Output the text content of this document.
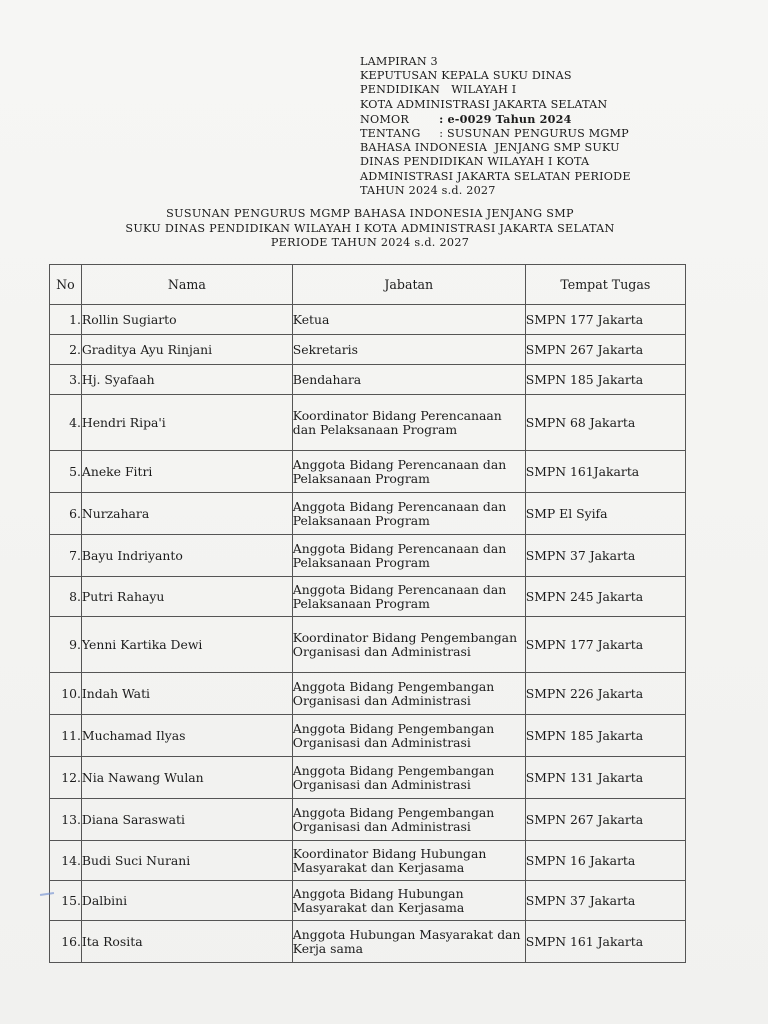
LAMPIRAN 3
KEPUTUSAN KEPALA SUKU DINAS
PENDIDIKAN   WILAYAH I
KOTA ADMINISTRASI JAKARTA SELATAN
NOMOR        : e-0029 Tahun 2024
TENTANG     : SUSUNAN PENGURUS MGMP
BAHASA INDONESIA  JENJANG SMP SUKU
DINAS PENDIDIKAN WILAYAH I KOTA
ADMINISTRASI JAKARTA SELATAN PERIODE
TAHUN 2024 s.d. 2027
SUSUNAN PENGURUS MGMP BAHASA INDONESIA JENJANG SMP
SUKU DINAS PENDIDIKAN WILAYAH I KOTA ADMINISTRASI JAKARTA SELATAN
PERIODE TAHUN 2024 s.d. 2027
No	Nama	Jabatan	Tempat Tugas
1.	Rollin Sugiarto	Ketua	SMPN 177 Jakarta
2.	Graditya Ayu Rinjani	Sekretaris	SMPN 267 Jakarta
3.	Hj. Syafaah	Bendahara	SMPN 185 Jakarta
4.	Hendri Ripa'i	Koordinator Bidang Perencanaan dan Pelaksanaan Program	SMPN 68 Jakarta
5.	Aneke Fitri	Anggota Bidang Perencanaan dan Pelaksanaan Program	SMPN 161Jakarta
6.	Nurzahara	Anggota Bidang Perencanaan dan Pelaksanaan Program	SMP El Syifa
7.	Bayu Indriyanto	Anggota Bidang Perencanaan dan Pelaksanaan Program	SMPN 37 Jakarta
8.	Putri Rahayu	Anggota Bidang Perencanaan dan Pelaksanaan Program	SMPN 245 Jakarta
9.	Yenni Kartika Dewi	Koordinator Bidang Pengembangan Organisasi dan Administrasi	SMPN 177 Jakarta
10.	Indah Wati	Anggota Bidang Pengembangan Organisasi dan Administrasi	SMPN 226 Jakarta
11.	Muchamad Ilyas	Anggota Bidang Pengembangan Organisasi dan Administrasi	SMPN 185 Jakarta
12.	Nia Nawang Wulan	Anggota Bidang Pengembangan Organisasi dan Administrasi	SMPN 131 Jakarta
13.	Diana Saraswati	Anggota Bidang Pengembangan Organisasi dan Administrasi	SMPN 267 Jakarta
14.	Budi Suci Nurani	Koordinator Bidang Hubungan Masyarakat dan Kerjasama	SMPN 16 Jakarta
15.	Dalbini	Anggota Bidang Hubungan Masyarakat dan Kerjasama	SMPN 37 Jakarta
16.	Ita Rosita	Anggota Hubungan Masyarakat dan Kerja sama	SMPN 161 Jakarta
